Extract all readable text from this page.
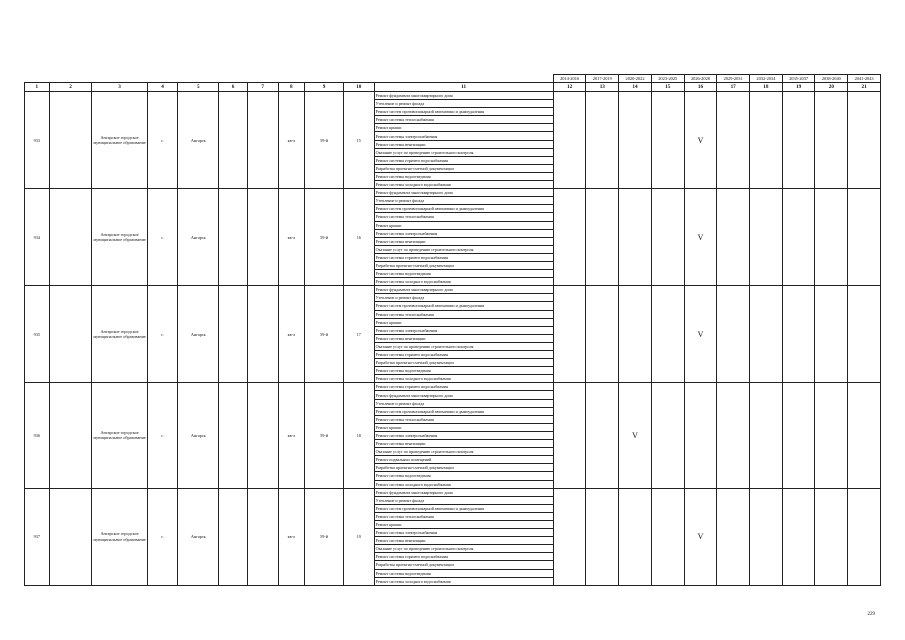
											2014-2016	2017-2019	2020-2022	2023-2025	2026-2028	2029-2031	2032-2034	2035-2037	2038-2040	2041-2043
1	2	3	4	5	6	7	8	9	10	11	12	13	14	15	16	17	18	19	20	21
933		Ангарское городское муниципальное образование	г.	Ангарск			кв-л	59-й	15	Ремонт фундамента многоквартирного дома					V					
										Утепление и ремонт фасада										
										Ремонт систем противопожарной автоматики и дымоудаления										
										Ремонт системы теплоснабжения										
										Ремонт крыши										
										Ремонт системы электроснабжения										
										Ремонт системы вентиляции										
										Оказание услуг по проведению строительного контроля										
										Ремонт системы горячего водоснабжения										
										Разработка проектно-сметной документации										
										Ремонт системы водоотведения										
										Ремонт системы холодного водоснабжения										
934		Ангарское городское муниципальное образование	г.	Ангарск			кв-л	59-й	16	Ремонт фундамента многоквартирного дома					V					
										Утепление и ремонт фасада										
										Ремонт систем противопожарной автоматики и дымоудаления										
										Ремонт системы теплоснабжения										
										Ремонт крыши										
										Ремонт системы электроснабжения										
										Ремонт системы вентиляции										
										Оказание услуг по проведению строительного контроля										
										Ремонт системы горячего водоснабжения										
										Разработка проектно-сметной документации										
										Ремонт системы водоотведения										
										Ремонт системы холодного водоснабжения										
935		Ангарское городское муниципальное образование	г.	Ангарск			кв-л	59-й	17	Ремонт фундамента многоквартирного дома					V					
										Утепление и ремонт фасада										
										Ремонт систем противопожарной автоматики и дымоудаления										
										Ремонт системы теплоснабжения										
										Ремонт крыши										
										Ремонт системы электроснабжения										
										Ремонт системы вентиляции										
										Оказание услуг по проведению строительного контроля										
										Ремонт системы горячего водоснабжения										
										Разработка проектно-сметной документации										
										Ремонт системы водоотведения										
										Ремонт системы холодного водоснабжения										
936		Ангарское городское муниципальное образование	г.	Ангарск			кв-л	59-й	18	Ремонт системы горячего водоснабжения			V							
										Ремонт фундамента многоквартирного дома										
										Утепление и ремонт фасада										
										Ремонт систем противопожарной автоматики и дымоудаления										
										Ремонт системы теплоснабжения										
										Ремонт крыши										
										Ремонт системы электроснабжения										
										Ремонт системы вентиляции										
										Оказание услуг по проведению строительного контроля										
										Ремонт подвальных помещений										
										Разработка проектно-сметной документации										
										Ремонт системы водоотведения										
										Ремонт системы холодного водоснабжения										
937		Ангарское городское муниципальное образование	г.	Ангарск			кв-л	59-й	19	Ремонт фундамента многоквартирного дома					V					
										Утепление и ремонт фасада										
										Ремонт систем противопожарной автоматики и дымоудаления										
										Ремонт системы теплоснабжения										
										Ремонт крыши										
										Ремонт системы электроснабжения										
										Ремонт системы вентиляции										
										Оказание услуг по проведению строительного контроля										
										Ремонт системы горячего водоснабжения										
										Разработка проектно-сметной документации										
										Ремонт системы водоотведения										
										Ремонт системы холодного водоснабжения										
229
